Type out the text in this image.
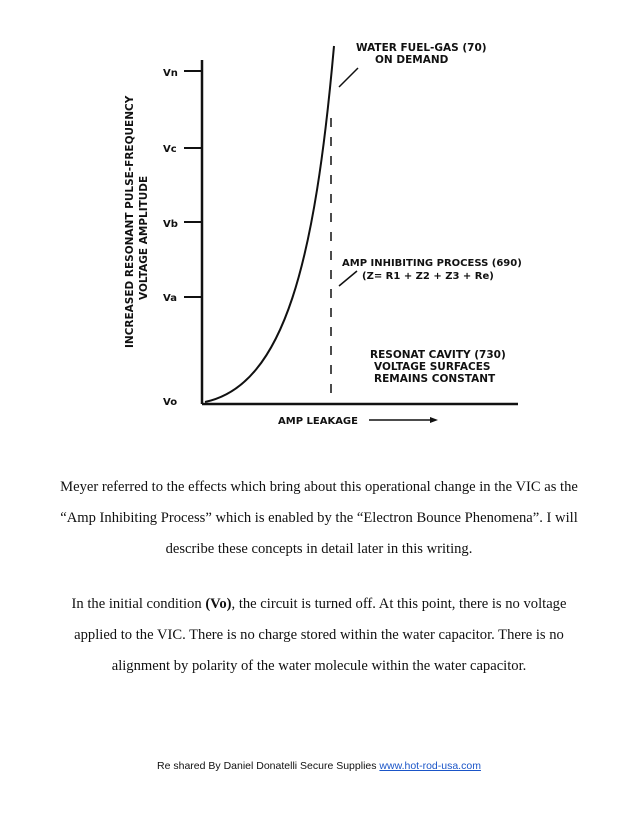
Vn
Vc
Vb
Va
Vo
INCREASED RESONANT PULSE-FREQUENCY VOLTAGE AMPLITUDE
WATER FUEL-GAS (70)
ON DEMAND
AMP INHIBITING PROCESS (690)
(Z= R1 + Z2 + Z3 + Re)
RESONAT CAVITY (730)
VOLTAGE SURFACES
REMAINS CONSTANT
AMP LEAKAGE

Meyer referred to the effects which bring about this operational change in the VIC as the “Amp Inhibiting Process” which is enabled by the “Electron Bounce Phenomena”. I will describe these concepts in detail later in this writing.

In the initial condition (Vo), the circuit is turned off. At this point, there is no voltage applied to the VIC. There is no charge stored within the water capacitor. There is no alignment by polarity of the water molecule within the water capacitor.

Re shared By Daniel Donatelli Secure Supplies www.hot-rod-usa.com
